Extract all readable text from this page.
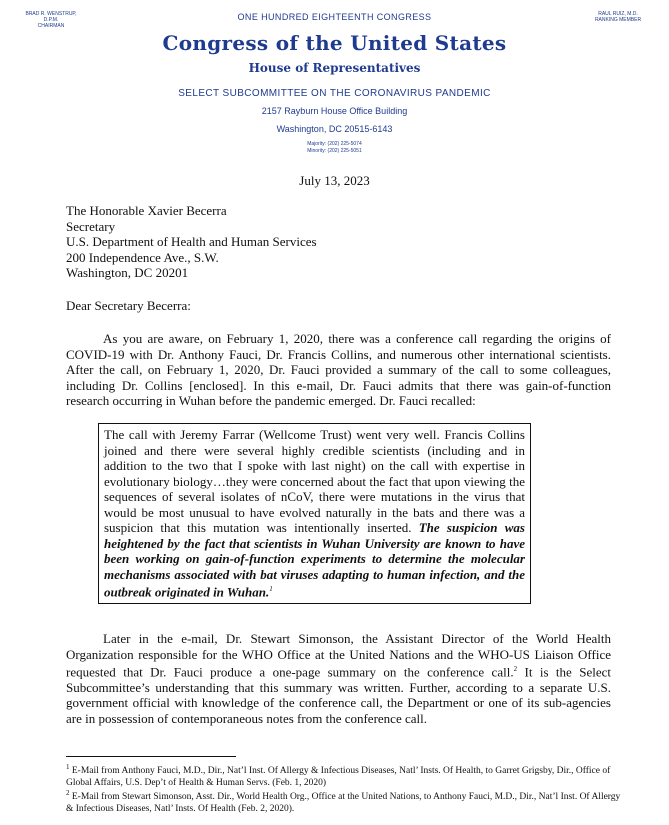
BRAD R. WENSTRUP, D.P.M.
CHAIRMAN
RAUL RUIZ, M.D.
RANKING MEMBER
ONE HUNDRED EIGHTEENTH CONGRESS
Congress of the United States
House of Representatives
SELECT SUBCOMMITTEE ON THE CORONAVIRUS PANDEMIC
2157 Rayburn House Office Building
Washington, DC 20515-6143
Majority: (202) 225-5074
Minority: (202) 225-5051
July 13, 2023
The Honorable Xavier Becerra
Secretary
U.S. Department of Health and Human Services
200 Independence Ave., S.W.
Washington, DC 20201
Dear Secretary Becerra:

As you are aware, on February 1, 2020, there was a conference call regarding the origins of COVID-19 with Dr. Anthony Fauci, Dr. Francis Collins, and numerous other international scientists. After the call, on February 1, 2020, Dr. Fauci provided a summary of the call to some colleagues, including Dr. Collins [enclosed]. In this e-mail, Dr. Fauci admits that there was gain-of-function research occurring in Wuhan before the pandemic emerged. Dr. Fauci recalled:

The call with Jeremy Farrar (Wellcome Trust) went very well. Francis Collins joined and there were several highly credible scientists (including and in addition to the two that I spoke with last night) on the call with expertise in evolutionary biology…they were concerned about the fact that upon viewing the sequences of several isolates of nCoV, there were mutations in the virus that would be most unusual to have evolved naturally in the bats and there was a suspicion that this mutation was intentionally inserted. The suspicion was heightened by the fact that scientists in Wuhan University are known to have been working on gain-of-function experiments to determine the molecular mechanisms associated with bat viruses adapting to human infection, and the outbreak originated in Wuhan.$^1$

Later in the e-mail, Dr. Stewart Simonson, the Assistant Director of the World Health Organization responsible for the WHO Office at the United Nations and the WHO-US Liaison Office requested that Dr. Fauci produce a one-page summary on the conference call.$^2$ It is the Select Subcommittee’s understanding that this summary was written. Further, according to a separate U.S. government official with knowledge of the conference call, the Department or one of its sub-agencies are in possession of contemporaneous notes from the conference call.

$^1$ E-Mail from Anthony Fauci, M.D., Dir., Nat’l Inst. Of Allergy & Infectious Diseases, Natl’ Insts. Of Health, to Garret Grigsby, Dir., Office of Global Affairs, U.S. Dep’t of Health & Human Servs. (Feb. 1, 2020)
$^2$ E-Mail from Stewart Simonson, Asst. Dir., World Health Org., Office at the United Nations, to Anthony Fauci, M.D., Dir., Nat’l Inst. Of Allergy & Infectious Diseases, Natl’ Insts. Of Health (Feb. 2, 2020).
